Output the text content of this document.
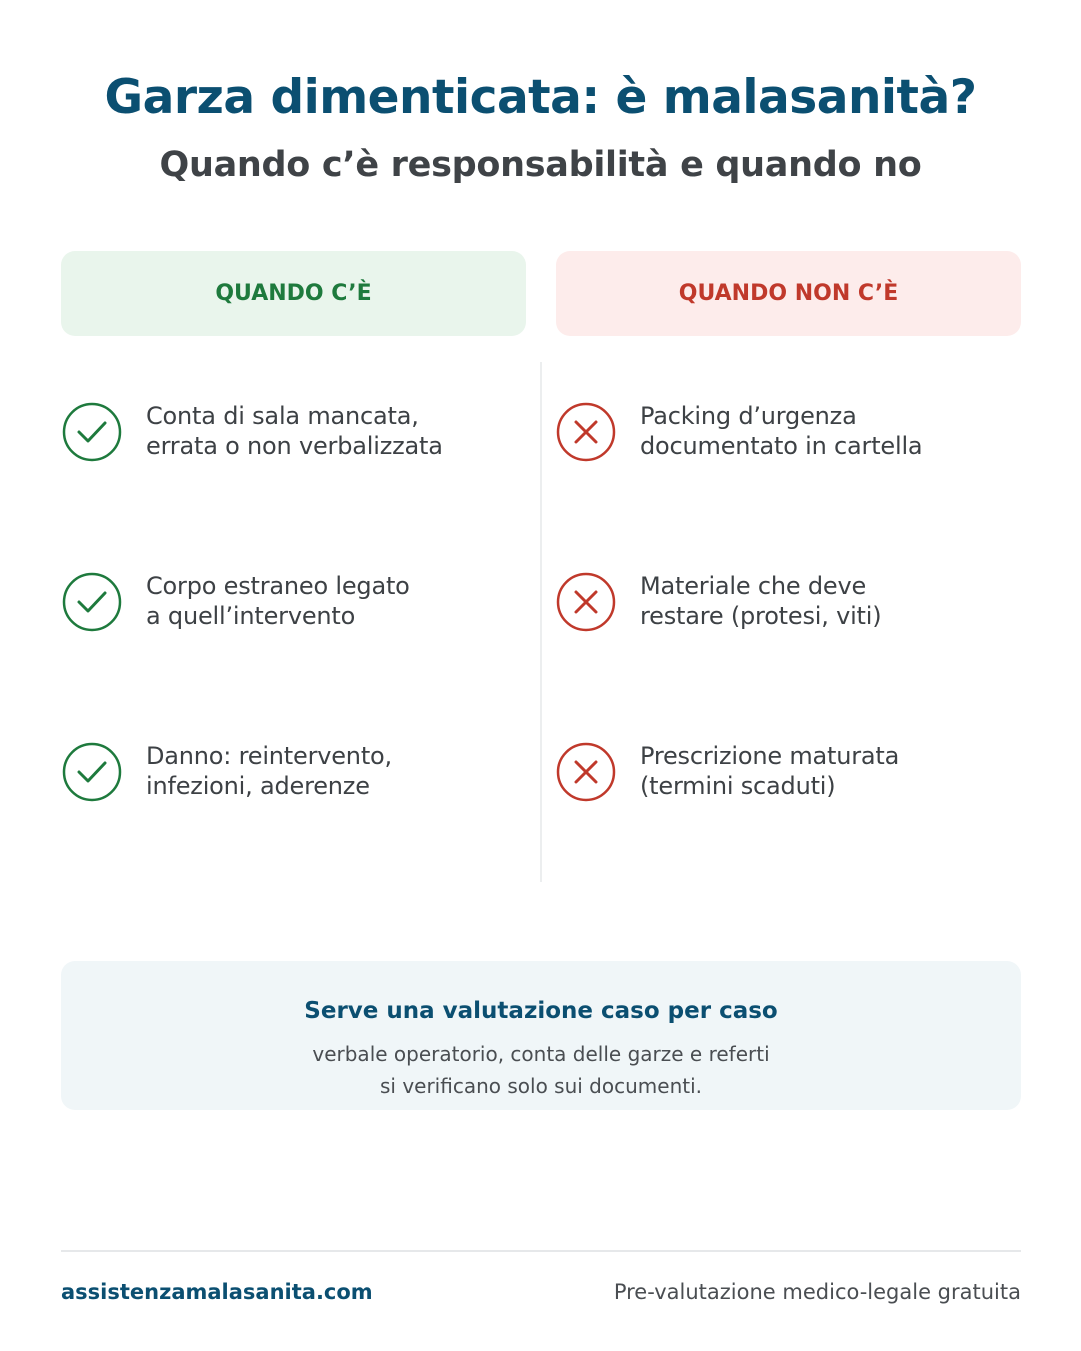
Garza dimenticata: è malasanità?
Quando c’è responsabilità e quando no
QUANDO C’È	QUANDO NON C’È
Conta di sala mancata,
errata o non verbalizzata
Corpo estraneo legato
a quell’intervento
Danno: reintervento,
infezioni, aderenze
Packing d’urgenza
documentato in cartella
Materiale che deve
restare (protesi, viti)
Prescrizione maturata
(termini scaduti)
Serve una valutazione caso per caso
verbale operatorio, conta delle garze e referti
si verificano solo sui documenti.
assistenzamalasanita.com	Pre-valutazione medico-legale gratuita
